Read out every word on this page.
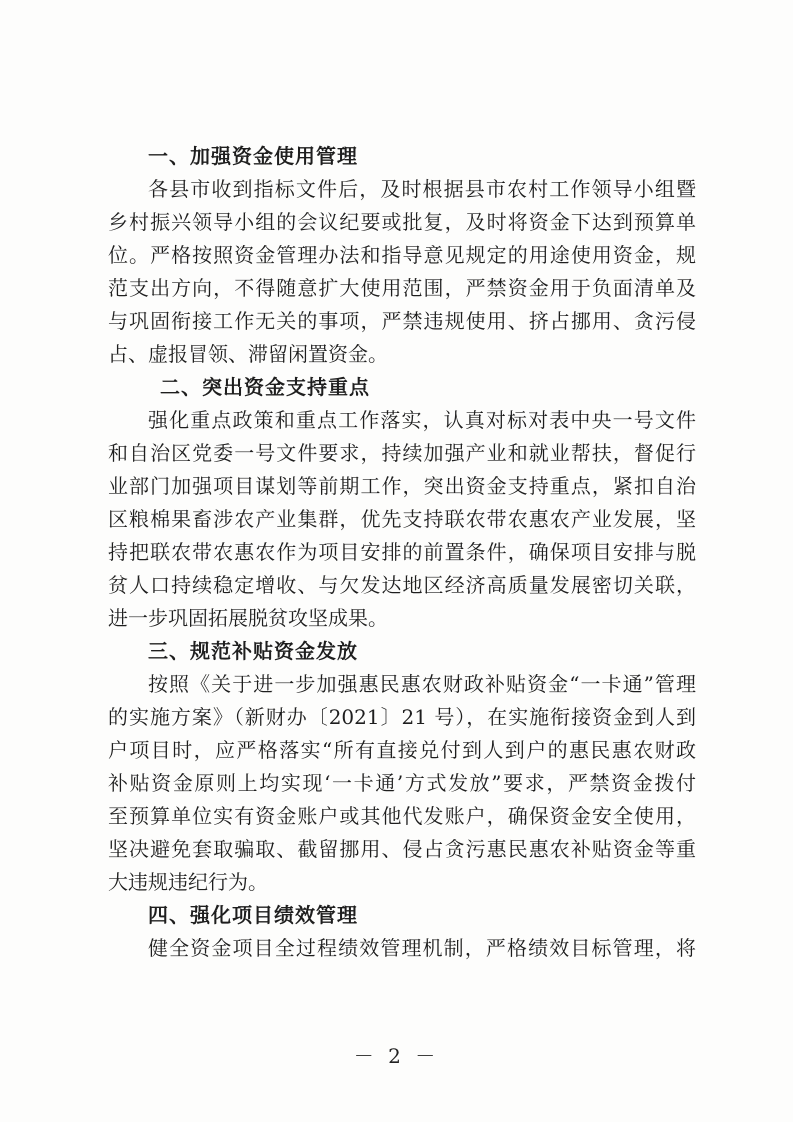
一、加强资金使用管理
各县市收到指标文件后，及时根据县市农村工作领导小组暨
乡村振兴领导小组的会议纪要或批复，及时将资金下达到预算单
位。严格按照资金管理办法和指导意见规定的用途使用资金，规
范支出方向，不得随意扩大使用范围，严禁资金用于负面清单及
与巩固衔接工作无关的事项，严禁违规使用、挤占挪用、贪污侵
占、虚报冒领、滞留闲置资金。
二、突出资金支持重点
强化重点政策和重点工作落实，认真对标对表中央一号文件
和自治区党委一号文件要求，持续加强产业和就业帮扶，督促行
业部门加强项目谋划等前期工作，突出资金支持重点，紧扣自治
区粮棉果畜涉农产业集群，优先支持联农带农惠农产业发展，坚
持把联农带农惠农作为项目安排的前置条件，确保项目安排与脱
贫人口持续稳定增收、与欠发达地区经济高质量发展密切关联，
进一步巩固拓展脱贫攻坚成果。
三、规范补贴资金发放
按照《关于进一步加强惠民惠农财政补贴资金“一卡通”管理
的实施方案》（新财办〔2021〕21 号），在实施衔接资金到人到
户项目时，应严格落实“所有直接兑付到人到户的惠民惠农财政
补贴资金原则上均实现‘一卡通’方式发放”要求，严禁资金拨付
至预算单位实有资金账户或其他代发账户，确保资金安全使用，
坚决避免套取骗取、截留挪用、侵占贪污惠民惠农补贴资金等重
大违规违纪行为。
四、强化项目绩效管理
健全资金项目全过程绩效管理机制，严格绩效目标管理，将
－ 2 －
